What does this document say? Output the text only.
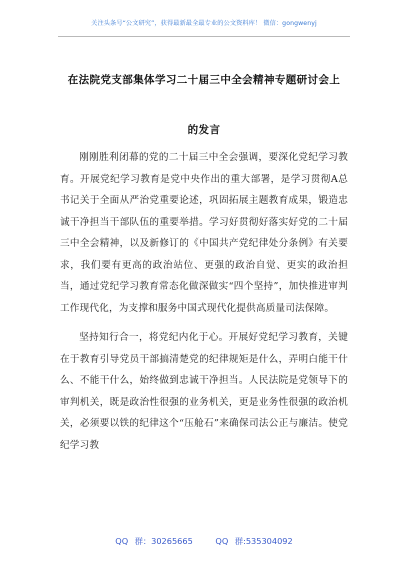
关注头条号“公文研究”，获得最新最全最专业的公文资料库！ 微信：gongwenyj
在法院党支部集体学习二十届三中全会精神专题研讨会上
的发言

刚刚胜利闭幕的党的二十届三中全会强调，要深化党纪学习教育。开展党纪学习教育是党中央作出的重大部署，是学习贯彻A总书记关于全面从严治党重要论述，巩固拓展主题教育成果，锻造忠诚干净担当干部队伍的重要举措。学习好贯彻好落实好党的二十届三中全会精神，以及新修订的《中国共产党纪律处分条例》有关要求，我们要有更高的政治站位、更强的政治自觉、更实的政治担当，通过党纪学习教育常态化做深做实“四个坚持”，加快推进审判工作现代化，为支撑和服务中国式现代化提供高质量司法保障。

坚持知行合一，将党纪内化于心。开展好党纪学习教育，关键在于教育引导党员干部搞清楚党的纪律规矩是什么，弄明白能干什么、不能干什么，始终做到忠诚干净担当。人民法院是党领导下的审判机关，既是政治性很强的业务机关，更是业务性很强的政治机关，必须要以铁的纪律这个“压舱石”来确保司法公正与廉洁。使党纪学习教

QQ 群：30265665	QQ 群:535304092
